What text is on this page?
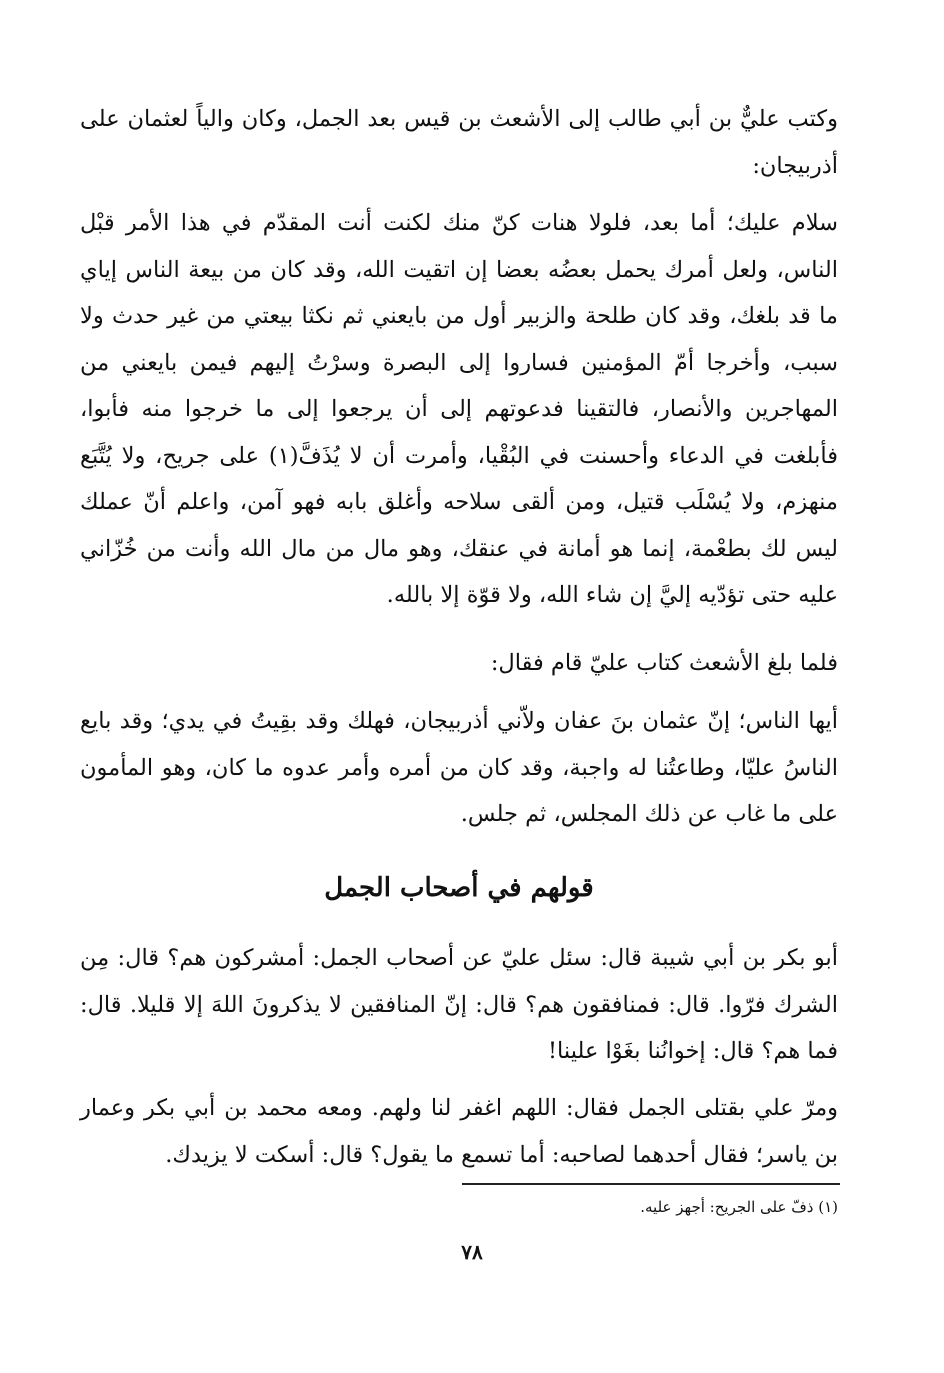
وكتب عليٌّ بن أبي طالب إلى الأشعث بن قيس بعد الجمل، وكان والياً لعثمان على أذربيجان:

سلام عليك؛ أما بعد، فلولا هنات كنّ منك لكنت أنت المقدّم في هذا الأمر قبْل الناس، ولعل أمرك يحمل بعضُه بعضا إن اتقيت الله، وقد كان من بيعة الناس إياي ما قد بلغك، وقد كان طلحة والزبير أول من بايعني ثم نكثا بيعتي من غير حدث ولا سبب، وأخرجا أمّ المؤمنين فساروا إلى البصرة وسرْتُ إليهم فيمن بايعني من المهاجرين والأنصار، فالتقينا فدعوتهم إلى أن يرجعوا إلى ما خرجوا منه فأبوا، فأبلغت في الدعاء وأحسنت في البُقْيا، وأمرت أن لا يُذَفَّ(١) على جريح، ولا يُتَّبَع منهزم، ولا يُسْلَب قتيل، ومن ألقى سلاحه وأغلق بابه فهو آمن، واعلم أنّ عملك ليس لك بطعْمة، إنما هو أمانة في عنقك، وهو مال من مال الله وأنت من خُزّاني عليه حتى تؤدّيه إليَّ إن شاء الله، ولا قوّة إلا بالله.

فلما بلغ الأشعث كتاب عليّ قام فقال:

أيها الناس؛ إنّ عثمان بنَ عفان ولاّني أذربيجان، فهلك وقد بقِيتُ في يدي؛ وقد بايع الناسُ عليّا، وطاعتُنا له واجبة، وقد كان من أمره وأمر عدوه ما كان، وهو المأمون على ما غاب عن ذلك المجلس، ثم جلس.

قولهم في أصحاب الجمل

أبو بكر بن أبي شيبة قال: سئل عليّ عن أصحاب الجمل: أمشركون هم؟ قال: مِن الشرك فرّوا. قال: فمنافقون هم؟ قال: إنّ المنافقين لا يذكرونَ اللهَ إلا قليلا. قال: فما هم؟ قال: إخوانُنا بغَوْا علينا!

ومرّ علي بقتلى الجمل فقال: اللهم اغفر لنا ولهم. ومعه محمد بن أبي بكر وعمار بن ياسر؛ فقال أحدهما لصاحبه: أما تسمع ما يقول؟ قال: أسكت لا يزيدك.

(١) ذفّ على الجريح: أجهز عليه.

٧٨
